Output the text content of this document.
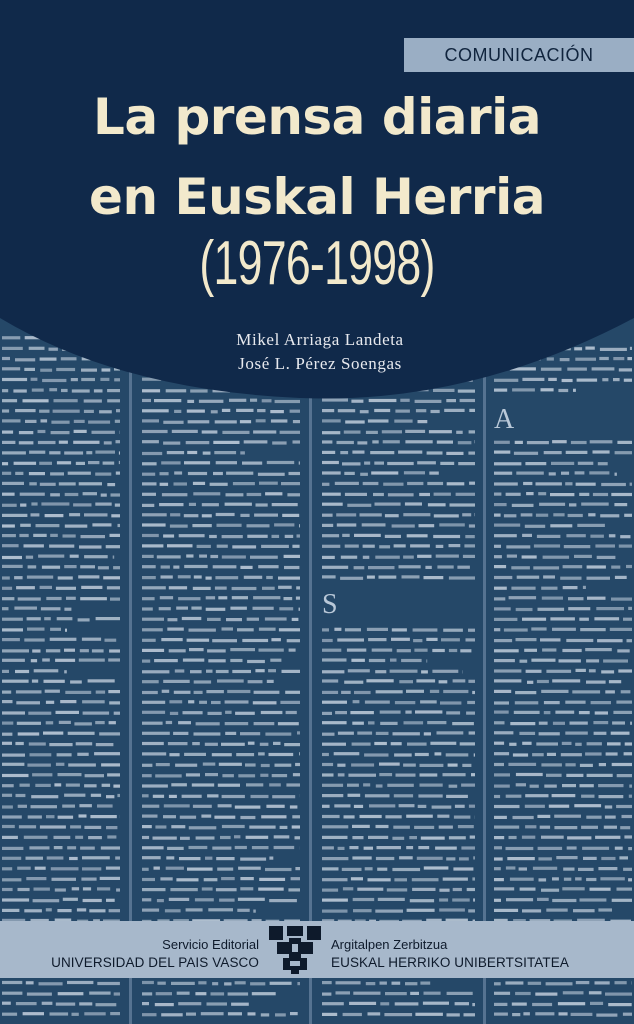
A
S
COMUNICACIÓN
La prensa diaria
en Euskal Herria
(1976-1998)
Mikel Arriaga Landeta
José L. Pérez Soengas
Servicio Editorial
UNIVERSIDAD DEL PAIS VASCO
Argitalpen Zerbitzua
EUSKAL HERRIKO UNIBERTSITATEA
